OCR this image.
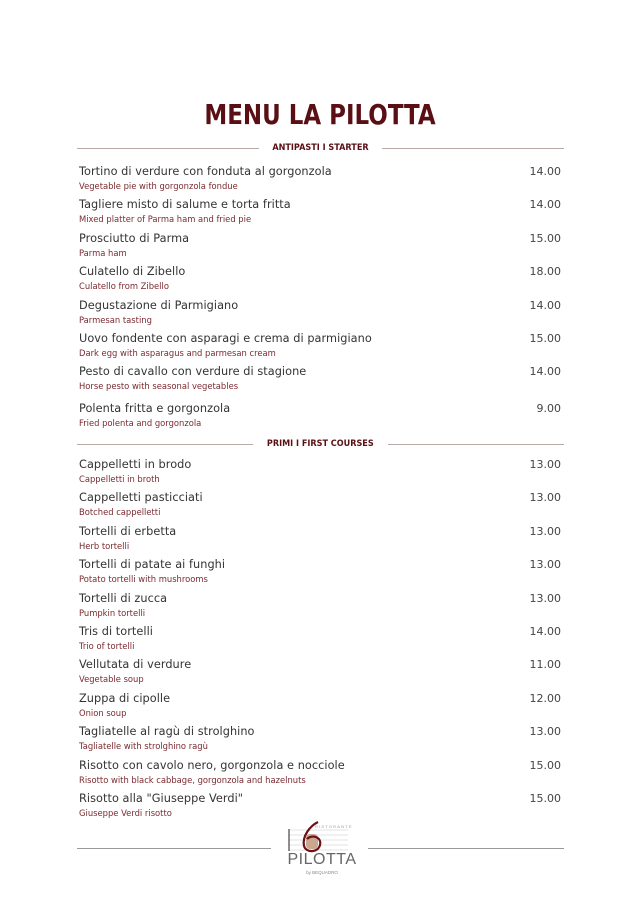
MENU LA PILOTTA
ANTIPASTI I STARTER
Tortino di verdure con fonduta al gorgonzola
Vegetable pie with gorgonzola fondue
14.00
Tagliere misto di salume e torta fritta
Mixed platter of Parma ham and fried pie
14.00
Prosciutto di Parma
Parma ham
15.00
Culatello di Zibello
Culatello from Zibello
18.00
Degustazione di Parmigiano
Parmesan tasting
14.00
Uovo fondente con asparagi e crema di parmigiano
Dark egg with asparagus and parmesan cream
15.00
Pesto di cavallo con verdure di stagione
Horse pesto with seasonal vegetables
14.00
Polenta fritta e gorgonzola
Fried polenta and gorgonzola
9.00
PRIMI I FIRST COURSES
Cappelletti in brodo
Cappelletti in broth
13.00
Cappelletti pasticciati
Botched cappelletti
13.00
Tortelli di erbetta
Herb tortelli
13.00
Tortelli di patate ai funghi
Potato tortelli with mushrooms
13.00
Tortelli di zucca
Pumpkin tortelli
13.00
Tris di tortelli
Trio of tortelli
14.00
Vellutata di verdure
Vegetable soup
11.00
Zuppa di cipolle
Onion soup
12.00
Tagliatelle al ragù di strolghino
Tagliatelle with strolghino ragù
13.00
Risotto con cavolo nero, gorgonzola e nocciole
Risotto with black cabbage, gorgonzola and hazelnuts
15.00
Risotto alla "Giuseppe Verdi"
Giuseppe Verdi risotto
15.00
RISTORANTE
PILOTTA
by BEQUADRO
